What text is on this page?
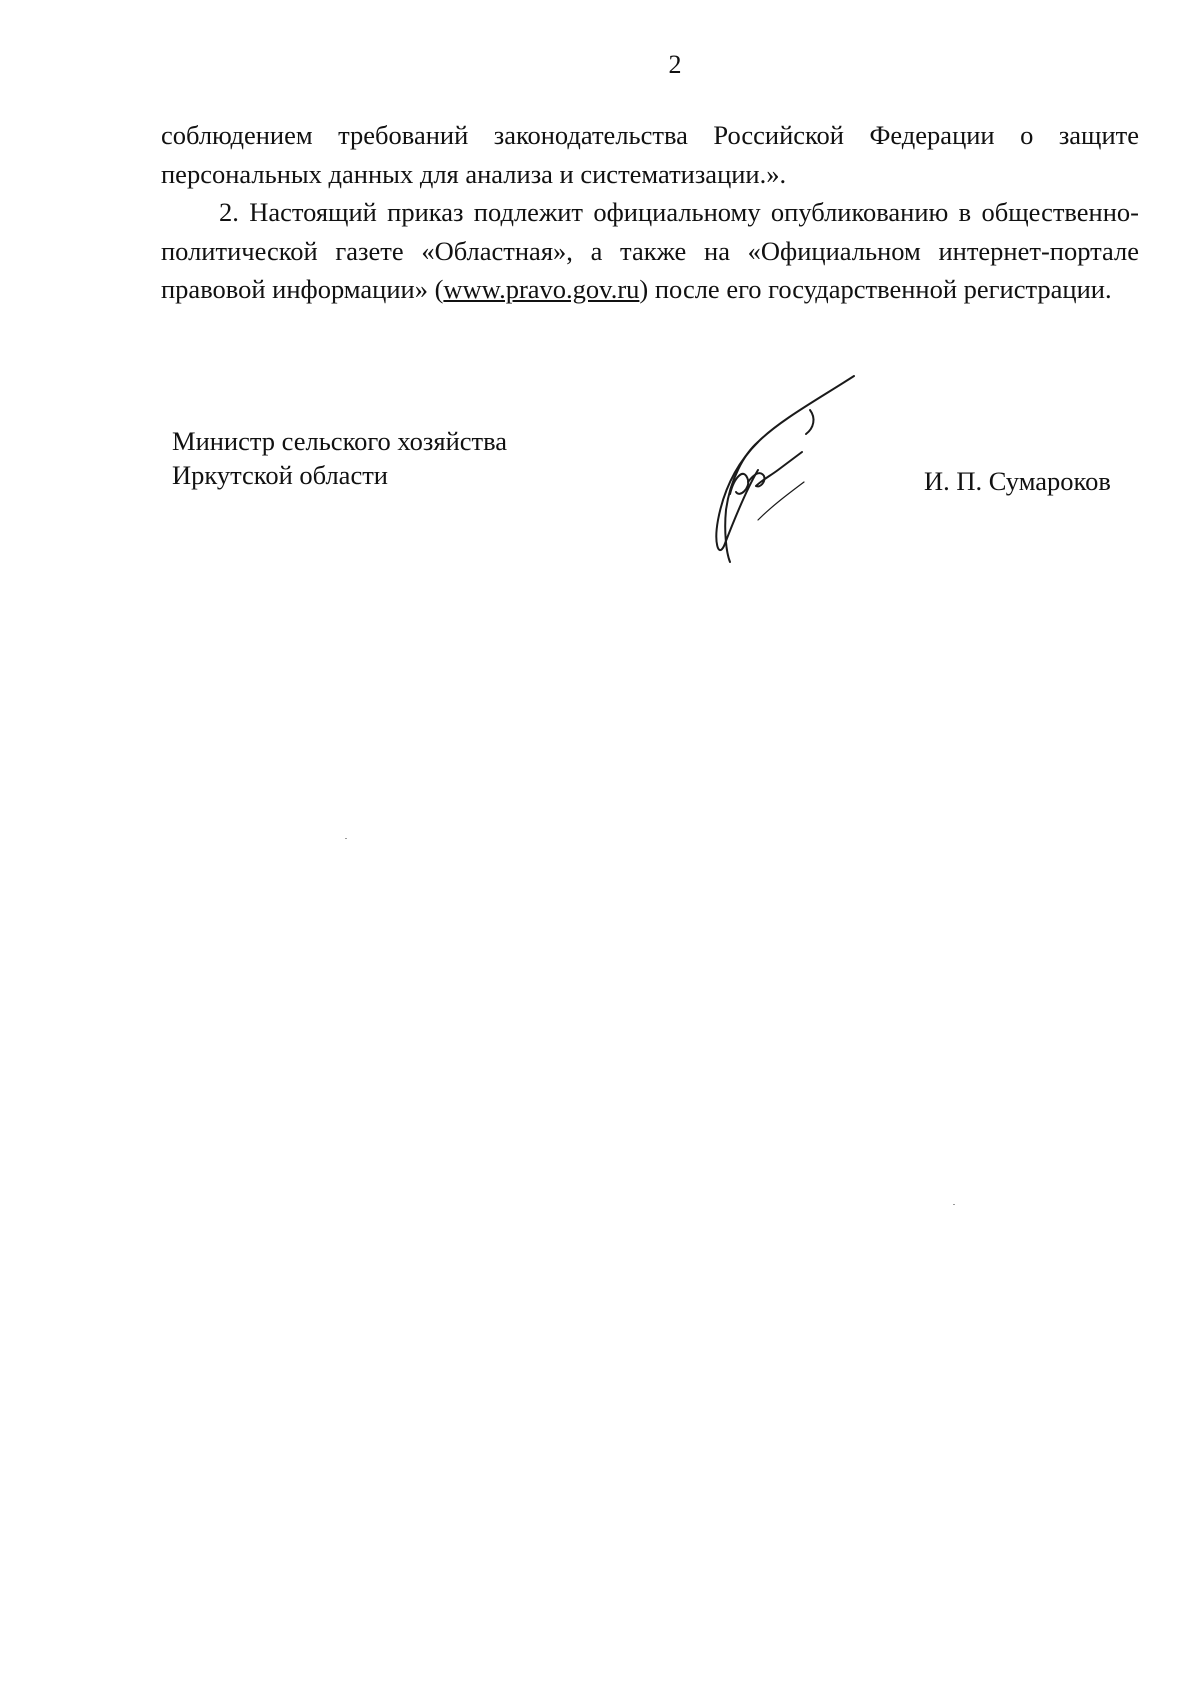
2

соблюдением требований законодательства Российской Федерации о защите персональных данных для анализа и систематизации.».

2. Настоящий приказ подлежит официальному опубликованию в общественно-политической газете «Областная», а также на «Официальном интернет-портале правовой информации» (www.pravo.gov.ru) после его государственной регистрации.

Министр сельского хозяйства
Иркутской области	И. П. Сумароков
